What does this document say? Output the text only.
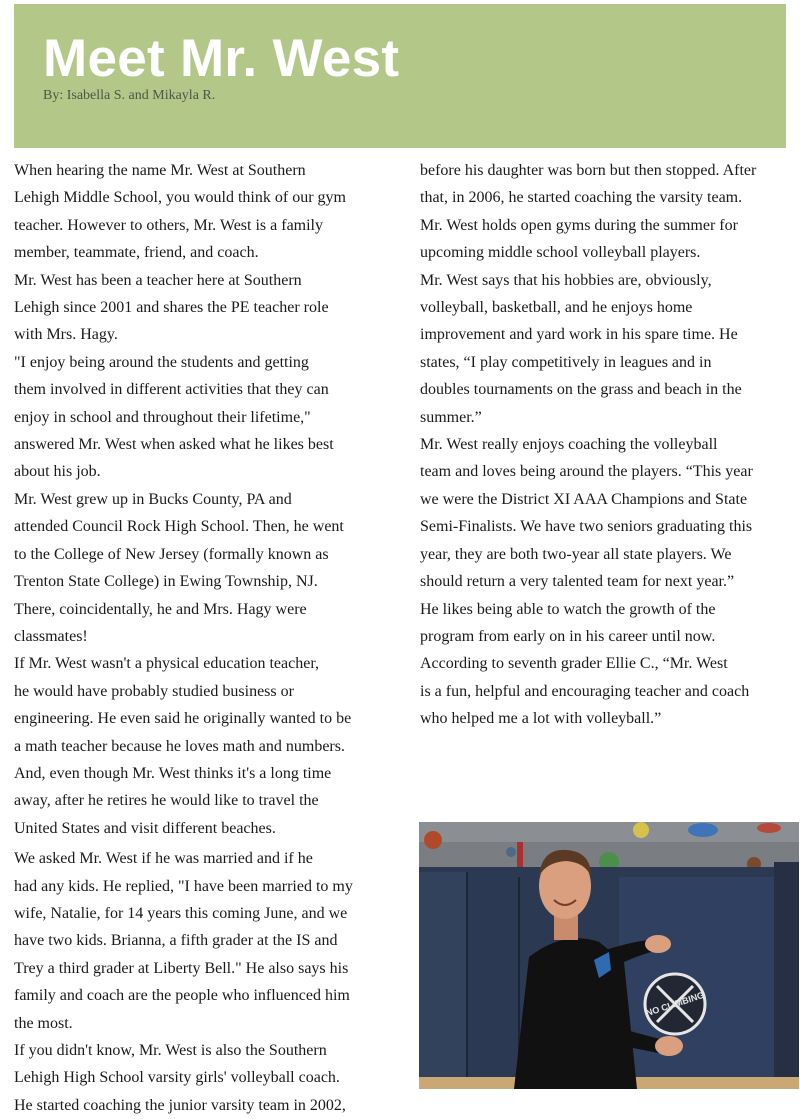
Meet Mr. West
By: Isabella S. and Mikayla R.

When hearing the name Mr. West at Southern
Lehigh Middle School, you would think of our gym
teacher. However to others, Mr. West is a family
member, teammate, friend, and coach.

Mr. West has been a teacher here at Southern
Lehigh since 2001 and shares the PE teacher role
with Mrs. Hagy.

"I enjoy being around the students and getting
them involved in different activities that they can
enjoy in school and throughout their lifetime,"
answered Mr. West when asked what he likes best
about his job.

Mr. West grew up in Bucks County, PA and
attended Council Rock High School. Then, he went
to the College of New Jersey (formally known as
Trenton State College) in Ewing Township, NJ.
There, coincidentally, he and Mrs. Hagy were
classmates!

If Mr. West wasn't a physical education teacher,
he would have probably studied business or
engineering. He even said he originally wanted to be
a math teacher because he loves math and numbers.
And, even though Mr. West thinks it's a long time
away, after he retires he would like to travel the
United States and visit different beaches.

We asked Mr. West if he was married and if he
had any kids. He replied, "I have been married to my
wife, Natalie, for 14 years this coming June, and we
have two kids. Brianna, a fifth grader at the IS and
Trey a third grader at Liberty Bell." He also says his
family and coach are the people who influenced him
the most.

If you didn't know, Mr. West is also the Southern
Lehigh High School varsity girls' volleyball coach.
He started coaching the junior varsity team in 2002,

before his daughter was born but then stopped. After
that, in 2006, he started coaching the varsity team.
Mr. West holds open gyms during the summer for
upcoming middle school volleyball players.

Mr. West says that his hobbies are, obviously,
volleyball, basketball, and he enjoys home
improvement and yard work in his spare time. He
states, “I play competitively in leagues and in
doubles tournaments on the grass and beach in the
summer.”

Mr. West really enjoys coaching the volleyball
team and loves being around the players. “This year
we were the District XI AAA Champions and State
Semi-Finalists. We have two seniors graduating this
year, they are both two-year all state players. We
should return a very talented team for next year.”
He likes being able to watch the growth of the
program from early on in his career until now.

According to seventh grader Ellie C., “Mr. West
is a fun, helpful and encouraging teacher and coach
who helped me a lot with volleyball.”

NO CLIMBING
